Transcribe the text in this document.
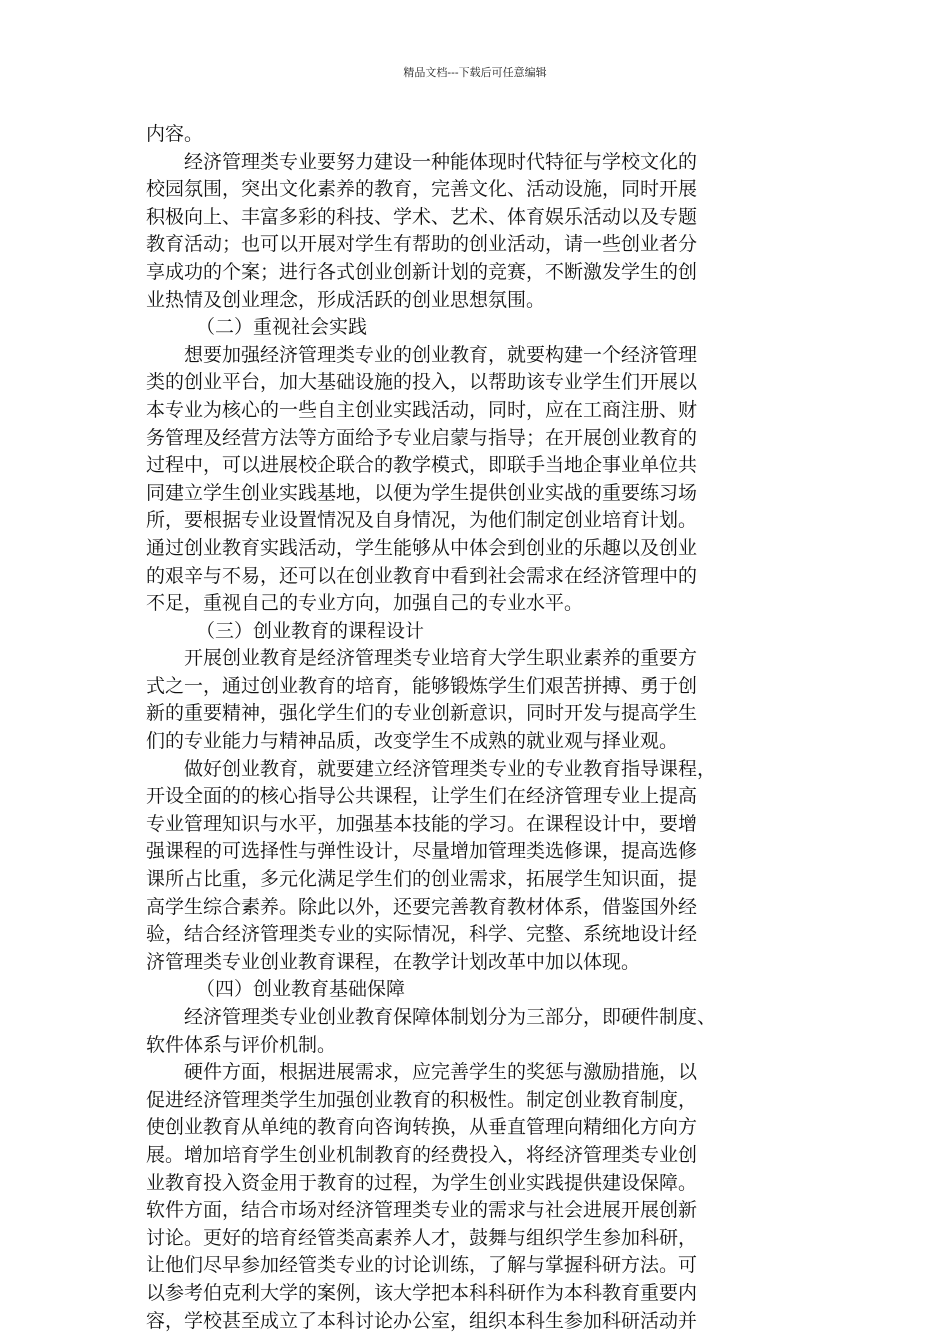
精品文档---下载后可任意编辑
内容。
经济管理类专业要努力建设一种能体现时代特征与学校文化的
校园氛围，突出文化素养的教育，完善文化、活动设施，同时开展
积极向上、丰富多彩的科技、学术、艺术、体育娱乐活动以及专题
教育活动；也可以开展对学生有帮助的创业活动，请一些创业者分
享成功的个案；进行各式创业创新计划的竞赛，不断激发学生的创
业热情及创业理念，形成活跃的创业思想氛围。
（二）重视社会实践
想要加强经济管理类专业的创业教育，就要构建一个经济管理
类的创业平台，加大基础设施的投入，以帮助该专业学生们开展以
本专业为核心的一些自主创业实践活动，同时，应在工商注册、财
务管理及经营方法等方面给予专业启蒙与指导；在开展创业教育的
过程中，可以进展校企联合的教学模式，即联手当地企事业单位共
同建立学生创业实践基地，以便为学生提供创业实战的重要练习场
所，要根据专业设置情况及自身情况，为他们制定创业培育计划。
通过创业教育实践活动，学生能够从中体会到创业的乐趣以及创业
的艰辛与不易，还可以在创业教育中看到社会需求在经济管理中的
不足，重视自己的专业方向，加强自己的专业水平。
（三）创业教育的课程设计
开展创业教育是经济管理类专业培育大学生职业素养的重要方
式之一，通过创业教育的培育，能够锻炼学生们艰苦拼搏、勇于创
新的重要精神，强化学生们的专业创新意识，同时开发与提高学生
们的专业能力与精神品质，改变学生不成熟的就业观与择业观。
做好创业教育，就要建立经济管理类专业的专业教育指导课程，
开设全面的的核心指导公共课程，让学生们在经济管理专业上提高
专业管理知识与水平，加强基本技能的学习。在课程设计中，要增
强课程的可选择性与弹性设计，尽量增加管理类选修课，提高选修
课所占比重，多元化满足学生们的创业需求，拓展学生知识面，提
高学生综合素养。除此以外，还要完善教育教材体系，借鉴国外经
验，结合经济管理类专业的实际情况，科学、完整、系统地设计经
济管理类专业创业教育课程，在教学计划改革中加以体现。
（四）创业教育基础保障
经济管理类专业创业教育保障体制划分为三部分，即硬件制度、
软件体系与评价机制。
硬件方面，根据进展需求，应完善学生的奖惩与激励措施，以
促进经济管理类学生加强创业教育的积极性。制定创业教育制度，
使创业教育从单纯的教育向咨询转换，从垂直管理向精细化方向方
展。增加培育学生创业机制教育的经费投入，将经济管理类专业创
业教育投入资金用于教育的过程，为学生创业实践提供建设保障。
软件方面，结合市场对经济管理类专业的需求与社会进展开展创新
讨论。更好的培育经管类高素养人才，鼓舞与组织学生参加科研，
让他们尽早参加经管类专业的讨论训练，了解与掌握科研方法。可
以参考伯克利大学的案例，该大学把本科科研作为本科教育重要内
容，学校甚至成立了本科讨论办公室，组织本科生参加科研活动并
